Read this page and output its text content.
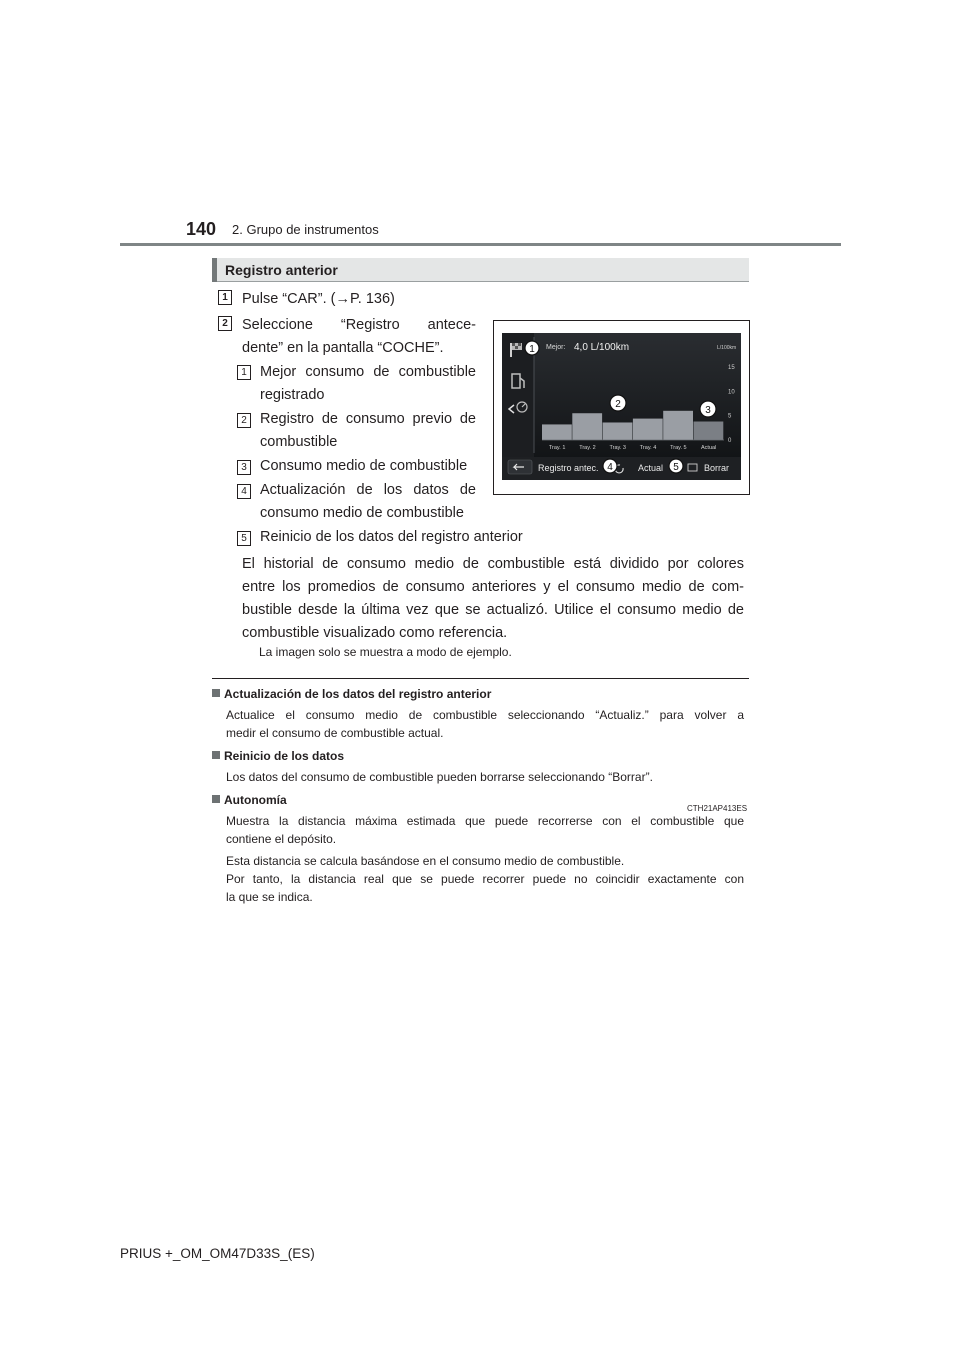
140 2. Grupo de instrumentos
Registro anterior
1 Pulse “CAR”. (→P. 136)
2 Seleccione “Registro antece-
dente” en la pantalla “COCHE”.
1 Mejor consumo de combustible
registrado
2 Registro de consumo previo de
combustible
3 Consumo medio de combustible
4 Actualización de los datos de
consumo medio de combustible
5 Reinicio de los datos del registro anterior
El historial de consumo medio de combustible está dividido por colores
entre los promedios de consumo anteriores y el consumo medio de com-
bustible desde la última vez que se actualizó. Utilice el consumo medio de
combustible visualizado como referencia.
La imagen solo se muestra a modo de ejemplo.
Mejor: 4,0 L/100km	L/100km
15
10
5
0
Tray. 1	Tray. 2	Tray. 3	Tray. 4	Tray. 5	Actual
Registro antec.	Actual	Borrar
1
2
3
4	5
CTH21AP413ES
Actualización de los datos del registro anterior
Actualice el consumo medio de combustible seleccionando “Actualiz.” para volver a
medir el consumo de combustible actual.
Reinicio de los datos
Los datos del consumo de combustible pueden borrarse seleccionando “Borrar”.
Autonomía
Muestra la distancia máxima estimada que puede recorrerse con el combustible que
contiene el depósito.
Esta distancia se calcula basándose en el consumo medio de combustible.
Por tanto, la distancia real que se puede recorrer puede no coincidir exactamente con
la que se indica.
PRIUS +_OM_OM47D33S_(ES)
